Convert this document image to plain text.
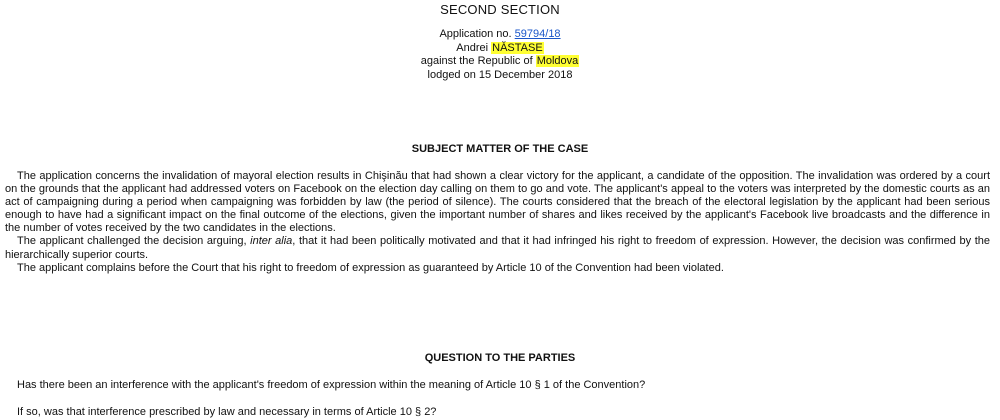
SECOND SECTION
Application no. 59794/18
Andrei NĂSTASE
against the Republic of Moldova
lodged on 15 December 2018
SUBJECT MATTER OF THE CASE

The application concerns the invalidation of mayoral election results in Chişinău that had shown a clear victory for the applicant, a candidate of the opposition. The invalidation was ordered by a court on the grounds that the applicant had addressed voters on Facebook on the election day calling on them to go and vote. The applicant's appeal to the voters was interpreted by the domestic courts as an act of campaigning during a period when campaigning was forbidden by law (the period of silence). The courts considered that the breach of the electoral legislation by the applicant had been serious enough to have had a significant impact on the final outcome of the elections, given the important number of shares and likes received by the applicant's Facebook live broadcasts and the difference in the number of votes received by the two candidates in the elections.

The applicant challenged the decision arguing, inter alia, that it had been politically motivated and that it had infringed his right to freedom of expression. However, the decision was confirmed by the hierarchically superior courts.

The applicant complains before the Court that his right to freedom of expression as guaranteed by Article 10 of the Convention had been violated.

QUESTION TO THE PARTIES
Has there been an interference with the applicant's freedom of expression within the meaning of Article 10 § 1 of the Convention?
If so, was that interference prescribed by law and necessary in terms of Article 10 § 2?
